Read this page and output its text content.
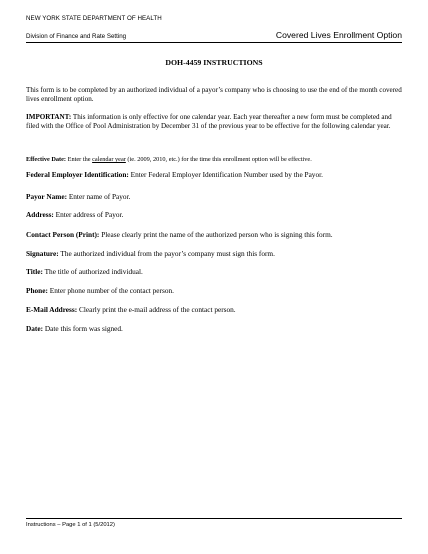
NEW YORK STATE DEPARTMENT OF HEALTH
Division of Finance and Rate Setting	Covered Lives Enrollment Option
DOH-4459 INSTRUCTIONS
This form is to be completed by an authorized individual of a payor’s company who is choosing to use the end of the month covered lives enrollment option.
IMPORTANT: This information is only effective for one calendar year. Each year thereafter a new form must be completed and filed with the Office of Pool Administration by December 31 of the previous year to be effective for the following calendar year.
Effective Date: Enter the calendar year (ie. 2009, 2010, etc.) for the time this enrollment option will be effective.
Federal Employer Identification: Enter Federal Employer Identification Number used by the Payor.
Payor Name: Enter name of Payor.
Address: Enter address of Payor.
Contact Person (Print): Please clearly print the name of the authorized person who is signing this form.
Signature: The authorized individual from the payor’s company must sign this form.
Title: The title of authorized individual.
Phone: Enter phone number of the contact person.
E-Mail Address: Clearly print the e-mail address of the contact person.
Date: Date this form was signed.
Instructions – Page 1 of 1 (5/2012)
